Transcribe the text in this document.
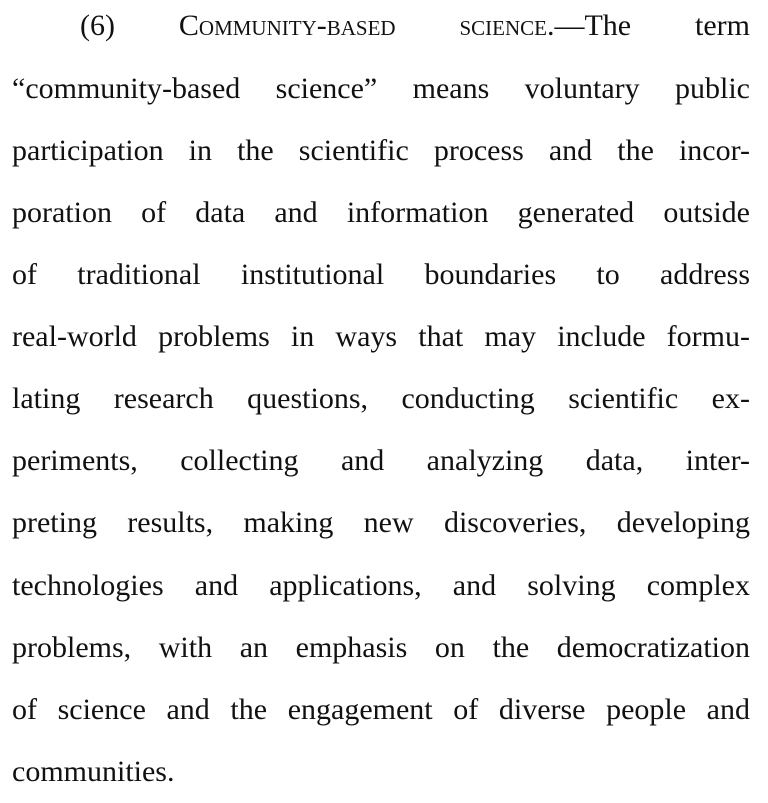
(6) Community-based science.—The term
“community-based science” means voluntary public
participation in the scientific process and the incor-
poration of data and information generated outside
of traditional institutional boundaries to address
real-world problems in ways that may include formu-
lating research questions, conducting scientific ex-
periments, collecting and analyzing data, inter-
preting results, making new discoveries, developing
technologies and applications, and solving complex
problems, with an emphasis on the democratization
of science and the engagement of diverse people and
communities.
